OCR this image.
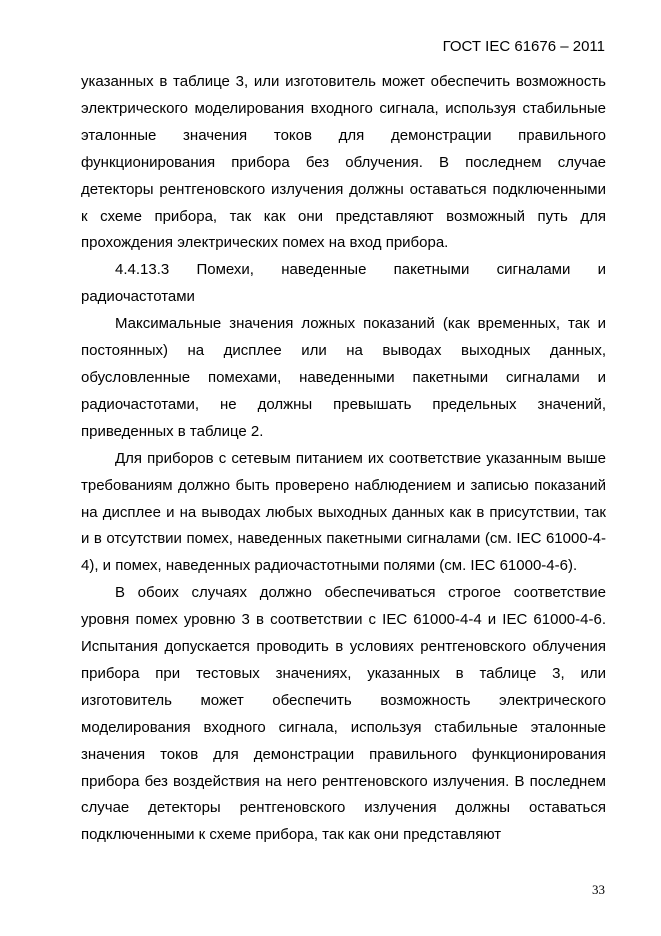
ГОСТ IEC 61676 – 2011

указанных в таблице 3, или изготовитель может обеспечить возможность электрического моделирования входного сигнала, используя стабильные эталонные значения токов для демонстрации правильного функционирования прибора без облучения. В последнем случае детекторы рентгеновского излучения должны оставаться подключенными к схеме прибора, так как они представляют возможный путь для прохождения электрических помех на вход прибора.

4.4.13.3 Помехи, наведенные пакетными сигналами и радиочастотами

Максимальные значения ложных показаний (как временных, так и постоянных) на дисплее или на выводах выходных данных, обусловленные помехами, наведенными пакетными сигналами и радиочастотами, не должны превышать предельных значений, приведенных в таблице 2.

Для приборов с сетевым питанием их соответствие указанным выше требованиям должно быть проверено наблюдением и записью показаний на дисплее и на выводах любых выходных данных как в присутствии, так и в отсутствии помех, наведенных пакетными сигналами (см. IEC 61000-4-4), и помех, наведенных радиочастотными полями (см. IEC 61000-4-6).

В обоих случаях должно обеспечиваться строгое соответствие уровня помех уровню 3 в соответствии с IEC 61000-4-4 и IEC 61000-4-6. Испытания допускается проводить в условиях рентгеновского облучения прибора при тестовых значениях, указанных в таблице 3, или изготовитель может обеспечить возможность электрического моделирования входного сигнала, используя стабильные эталонные значения токов для демонстрации правильного функционирования прибора без воздействия на него рентгеновского излучения. В последнем случае детекторы рентгеновского излучения должны оставаться подключенными к схеме прибора, так как они представляют

33
